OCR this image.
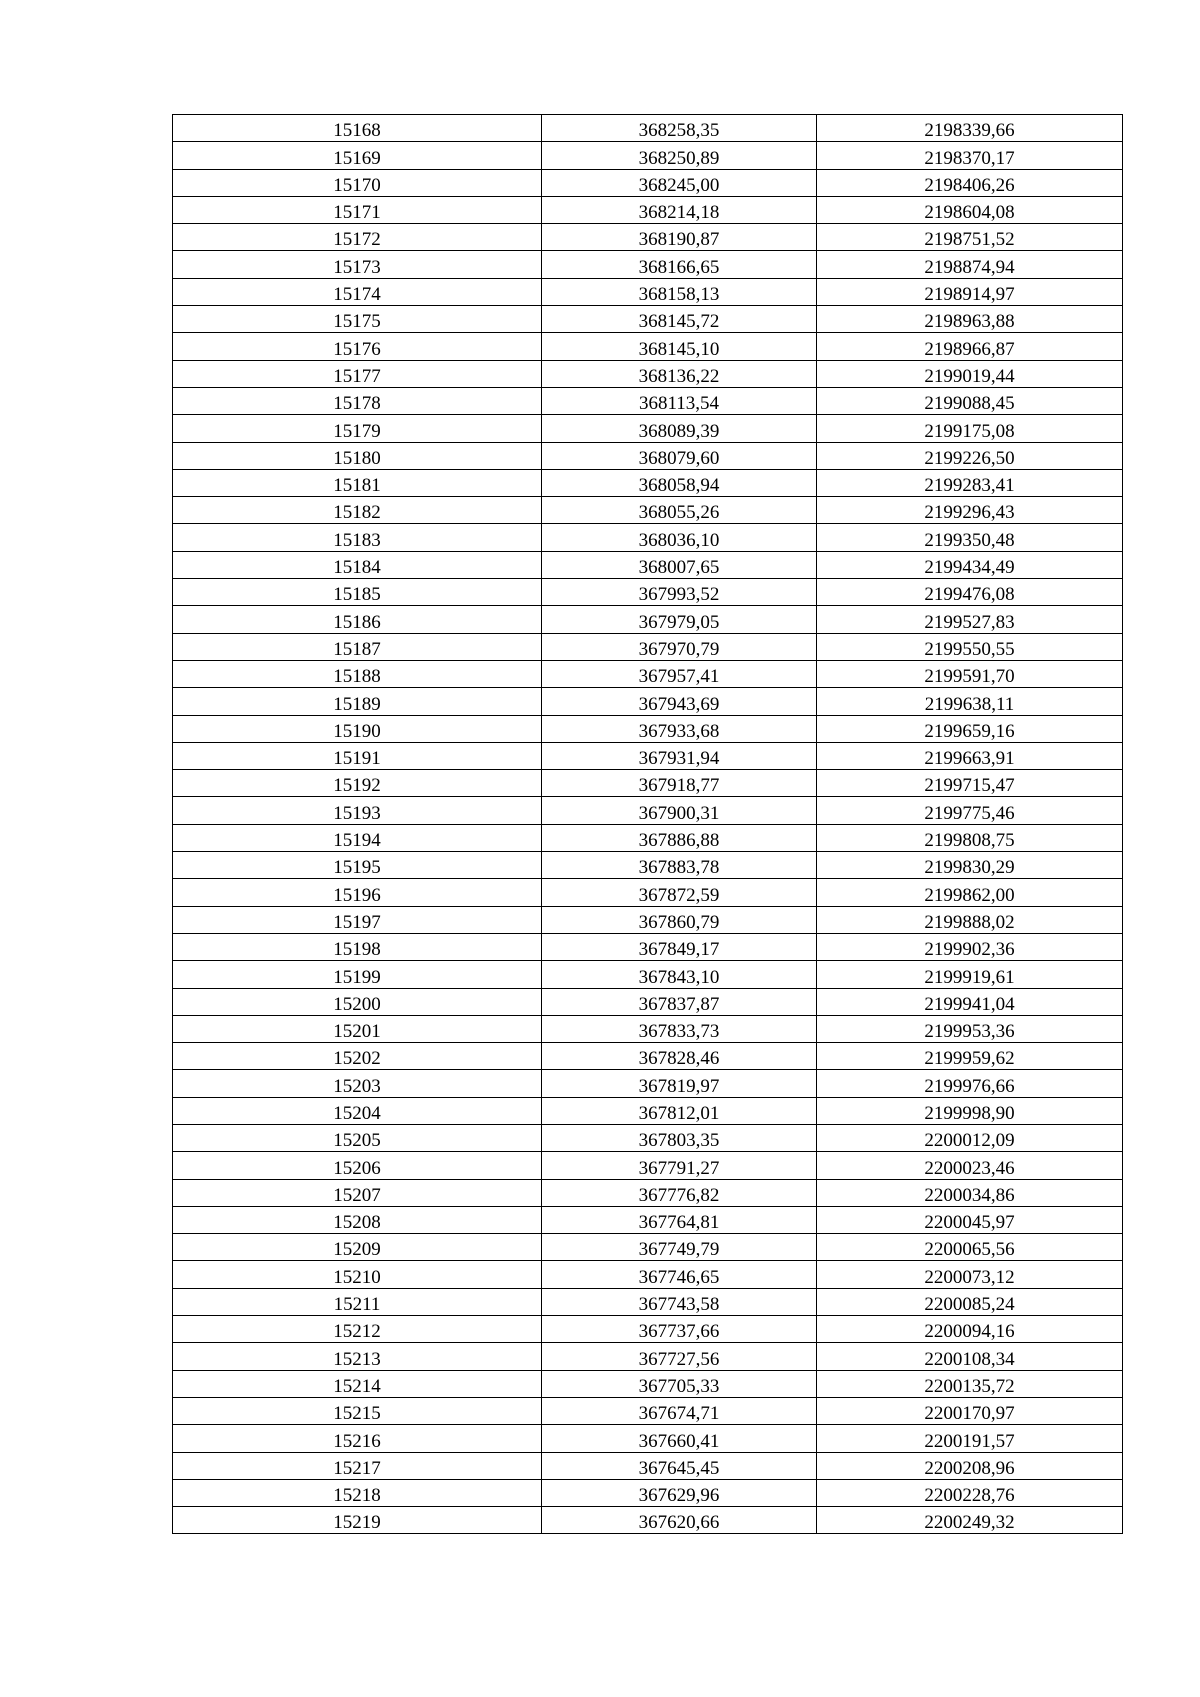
15168	368258,35	2198339,66
15169	368250,89	2198370,17
15170	368245,00	2198406,26
15171	368214,18	2198604,08
15172	368190,87	2198751,52
15173	368166,65	2198874,94
15174	368158,13	2198914,97
15175	368145,72	2198963,88
15176	368145,10	2198966,87
15177	368136,22	2199019,44
15178	368113,54	2199088,45
15179	368089,39	2199175,08
15180	368079,60	2199226,50
15181	368058,94	2199283,41
15182	368055,26	2199296,43
15183	368036,10	2199350,48
15184	368007,65	2199434,49
15185	367993,52	2199476,08
15186	367979,05	2199527,83
15187	367970,79	2199550,55
15188	367957,41	2199591,70
15189	367943,69	2199638,11
15190	367933,68	2199659,16
15191	367931,94	2199663,91
15192	367918,77	2199715,47
15193	367900,31	2199775,46
15194	367886,88	2199808,75
15195	367883,78	2199830,29
15196	367872,59	2199862,00
15197	367860,79	2199888,02
15198	367849,17	2199902,36
15199	367843,10	2199919,61
15200	367837,87	2199941,04
15201	367833,73	2199953,36
15202	367828,46	2199959,62
15203	367819,97	2199976,66
15204	367812,01	2199998,90
15205	367803,35	2200012,09
15206	367791,27	2200023,46
15207	367776,82	2200034,86
15208	367764,81	2200045,97
15209	367749,79	2200065,56
15210	367746,65	2200073,12
15211	367743,58	2200085,24
15212	367737,66	2200094,16
15213	367727,56	2200108,34
15214	367705,33	2200135,72
15215	367674,71	2200170,97
15216	367660,41	2200191,57
15217	367645,45	2200208,96
15218	367629,96	2200228,76
15219	367620,66	2200249,32
